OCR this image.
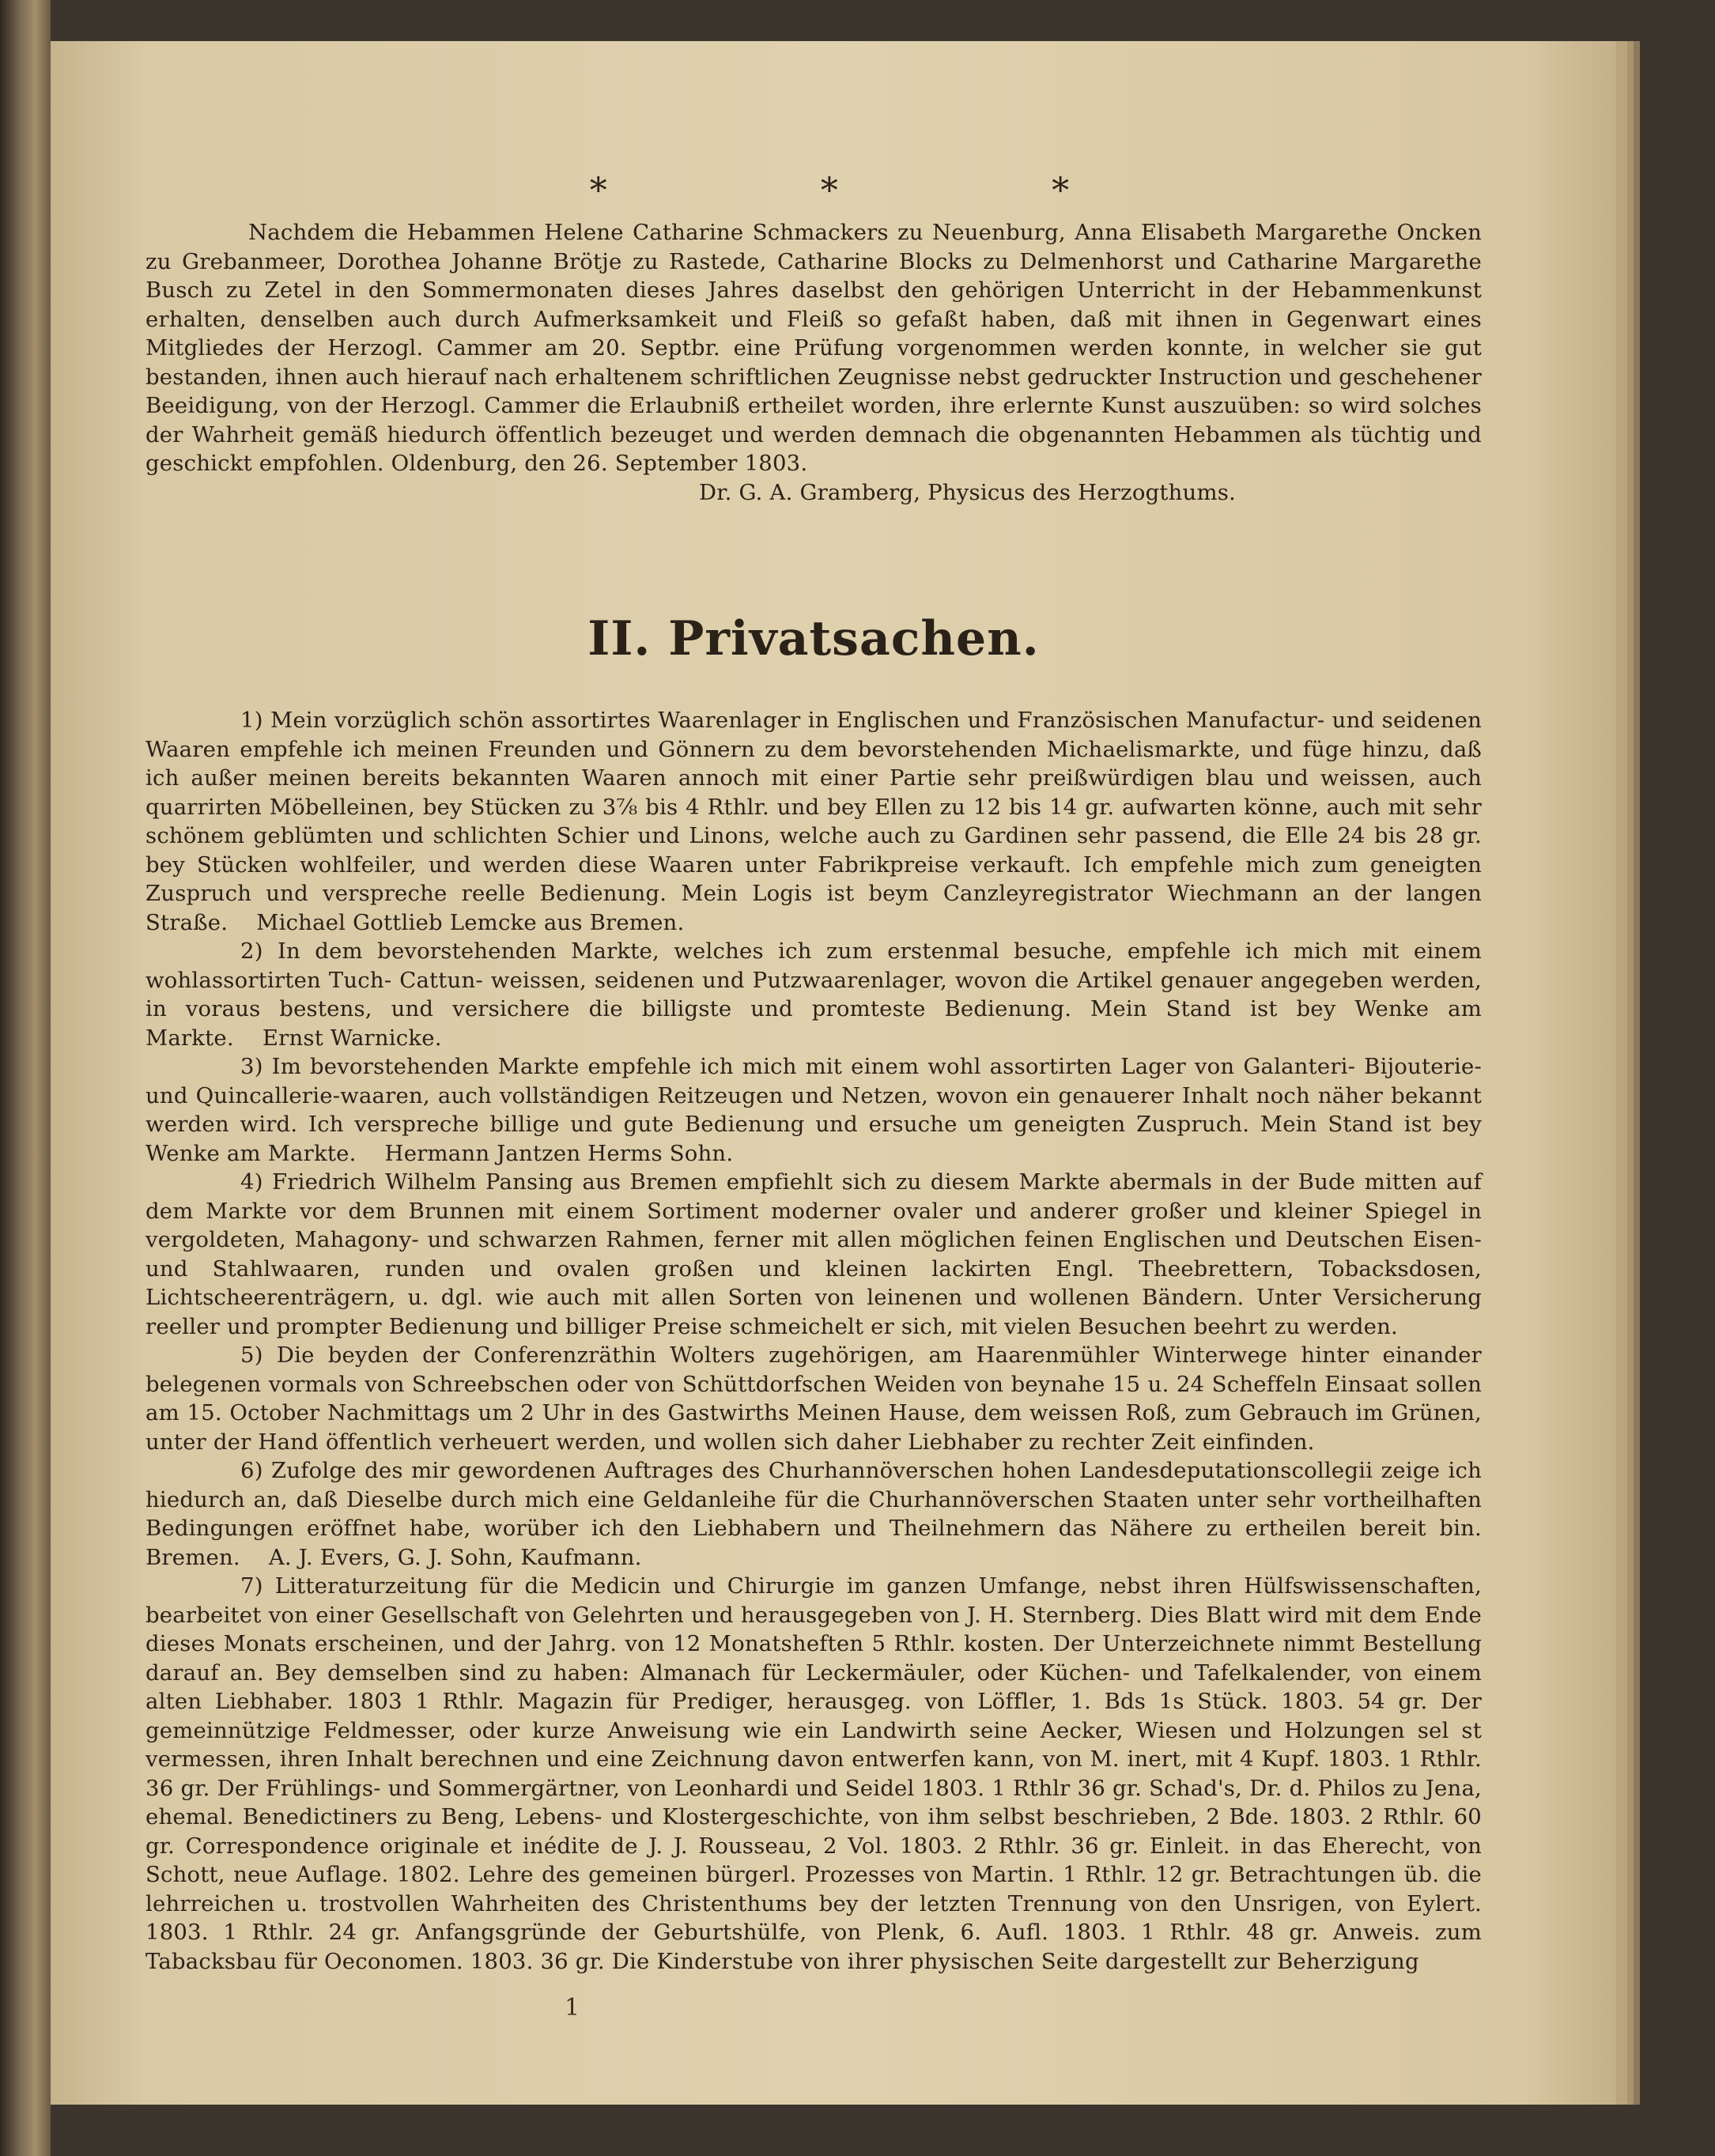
*	*	*

Nachdem die Hebammen Helene Catharine Schmackers zu Neuenburg, Anna Elisabeth Margarethe Oncken zu Grebanmeer, Dorothea Johanne Brötje zu Rastede, Catharine Blocks zu Delmenhorst und Catharine Margarethe Busch zu Zetel in den Sommermonaten dieses Jahres daselbst den gehörigen Unterricht in der Hebammenkunst erhalten, denselben auch durch Aufmerksamkeit und Fleiß so gefaßt haben, daß mit ihnen in Gegenwart eines Mitgliedes der Herzogl. Cammer am 20. Septbr. eine Prüfung vorgenommen werden konnte, in welcher sie gut bestanden, ihnen auch hierauf nach erhaltenem schriftlichen Zeugnisse nebst gedruckter Instruction und geschehener Beeidigung, von der Herzogl. Cammer die Erlaubniß ertheilet worden, ihre erlernte Kunst auszuüben: so wird solches der Wahrheit gemäß hiedurch öffentlich bezeuget und werden demnach die obgenannten Hebammen als tüchtig und geschickt empfohlen. Oldenburg, den 26. September 1803.

Dr. G. A. Gramberg, Physicus des Herzogthums.

II. Privatsachen.

1) Mein vorzüglich schön assortirtes Waarenlager in Englischen und Französischen Manufactur- und seidenen Waaren empfehle ich meinen Freunden und Gönnern zu dem bevorstehenden Michaelismarkte, und füge hinzu, daß ich außer meinen bereits bekannten Waaren annoch mit einer Partie sehr preißwürdigen blau und weissen, auch quarrirten Möbelleinen, bey Stücken zu 3⅞ bis 4 Rthlr. und bey Ellen zu 12 bis 14 gr. aufwarten könne, auch mit sehr schönem geblümten und schlichten Schier und Linons, welche auch zu Gardinen sehr passend, die Elle 24 bis 28 gr. bey Stücken wohlfeiler, und werden diese Waaren unter Fabrikpreise verkauft. Ich empfehle mich zum geneigten Zuspruch und verspreche reelle Bedienung. Mein Logis ist beym Canzleyregistrator Wiechmann an der langen Straße. Michael Gottlieb Lemcke aus Bremen.

2) In dem bevorstehenden Markte, welches ich zum erstenmal besuche, empfehle ich mich mit einem wohlassortirten Tuch- Cattun- weissen, seidenen und Putzwaarenlager, wovon die Artikel genauer angegeben werden, in voraus bestens, und versichere die billigste und promteste Bedienung. Mein Stand ist bey Wenke am Markte. Ernst Warnicke.

3) Im bevorstehenden Markte empfehle ich mich mit einem wohl assortirten Lager von Galanteri- Bijouterie- und Quincallerie-waaren, auch vollständigen Reitzeugen und Netzen, wovon ein genauerer Inhalt noch näher bekannt werden wird. Ich verspreche billige und gute Bedienung und ersuche um geneigten Zuspruch. Mein Stand ist bey Wenke am Markte. Hermann Jantzen Herms Sohn.

4) Friedrich Wilhelm Pansing aus Bremen empfiehlt sich zu diesem Markte abermals in der Bude mitten auf dem Markte vor dem Brunnen mit einem Sortiment moderner ovaler und anderer großer und kleiner Spiegel in vergoldeten, Mahagony- und schwarzen Rahmen, ferner mit allen möglichen feinen Englischen und Deutschen Eisen- und Stahlwaaren, runden und ovalen großen und kleinen lackirten Engl. Theebrettern, Tobacksdosen, Lichtscheerenträgern, u. dgl. wie auch mit allen Sorten von leinenen und wollenen Bändern. Unter Versicherung reeller und prompter Bedienung und billiger Preise schmeichelt er sich, mit vielen Besuchen beehrt zu werden.

5) Die beyden der Conferenzräthin Wolters zugehörigen, am Haarenmühler Winterwege hinter einander belegenen vormals von Schreebschen oder von Schüttdorfschen Weiden von beynahe 15 u. 24 Scheffeln Einsaat sollen am 15. October Nachmittags um 2 Uhr in des Gastwirths Meinen Hause, dem weissen Roß, zum Gebrauch im Grünen, unter der Hand öffentlich verheuert werden, und wollen sich daher Liebhaber zu rechter Zeit einfinden.

6) Zufolge des mir gewordenen Auftrages des Churhannöverschen hohen Landesdeputationscollegii zeige ich hiedurch an, daß Dieselbe durch mich eine Geldanleihe für die Churhannöverschen Staaten unter sehr vortheilhaften Bedingungen eröffnet habe, worüber ich den Liebhabern und Theilnehmern das Nähere zu ertheilen bereit bin. Bremen. A. J. Evers, G. J. Sohn, Kaufmann.

7) Litteraturzeitung für die Medicin und Chirurgie im ganzen Umfange, nebst ihren Hülfswissenschaften, bearbeitet von einer Gesellschaft von Gelehrten und herausgegeben von J. H. Sternberg. Dies Blatt wird mit dem Ende dieses Monats erscheinen, und der Jahrg. von 12 Monatsheften 5 Rthlr. kosten. Der Unterzeichnete nimmt Bestellung darauf an. Bey demselben sind zu haben: Almanach für Leckermäuler, oder Küchen- und Tafelkalender, von einem alten Liebhaber. 1803 1 Rthlr. Magazin für Prediger, herausgeg. von Löffler, 1. Bds 1s Stück. 1803. 54 gr. Der gemeinnützige Feldmesser, oder kurze Anweisung wie ein Landwirth seine Aecker, Wiesen und Holzungen sel st vermessen, ihren Inhalt berechnen und eine Zeichnung davon entwerfen kann, von M. inert, mit 4 Kupf. 1803. 1 Rthlr. 36 gr. Der Frühlings- und Sommergärtner, von Leonhardi und Seidel 1803. 1 Rthlr 36 gr. Schad's, Dr. d. Philos zu Jena, ehemal. Benedictiners zu Beng, Lebens- und Klostergeschichte, von ihm selbst beschrieben, 2 Bde. 1803. 2 Rthlr. 60 gr. Correspondence originale et inédite de J. J. Rousseau, 2 Vol. 1803. 2 Rthlr. 36 gr. Einleit. in das Eherecht, von Schott, neue Auflage. 1802. Lehre des gemeinen bürgerl. Prozesses von Martin. 1 Rthlr. 12 gr. Betrachtungen üb. die lehrreichen u. trostvollen Wahrheiten des Christenthums bey der letzten Trennung von den Unsrigen, von Eylert. 1803. 1 Rthlr. 24 gr. Anfangsgründe der Geburtshülfe, von Plenk, 6. Aufl. 1803. 1 Rthlr. 48 gr. Anweis. zum Tabacksbau für Oeconomen. 1803. 36 gr. Die Kinderstube von ihrer physischen Seite dargestellt zur Beherzigung

1
